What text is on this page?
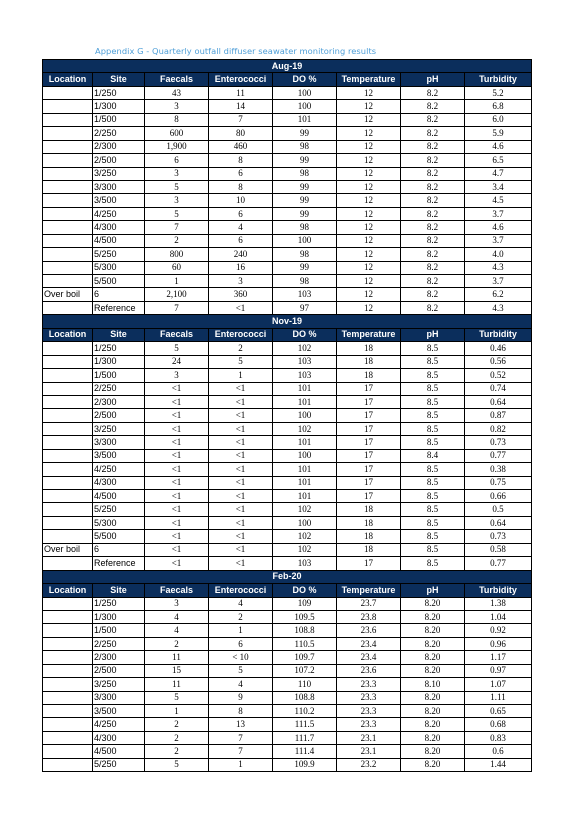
Appendix G - Quarterly outfall diffuser seawater monitoring results
Aug-19							
Location	Site	Faecals	Enterococci	DO %	Temperature	pH	Turbidity
	1/250	43	11	100	12	8.2	5.2
	1/300	3	14	100	12	8.2	6.8
	1/500	8	7	101	12	8.2	6.0
	2/250	600	80	99	12	8.2	5.9
	2/300	1,900	460	98	12	8.2	4.6
	2/500	6	8	99	12	8.2	6.5
	3/250	3	6	98	12	8.2	4.7
	3/300	5	8	99	12	8.2	3.4
	3/500	3	10	99	12	8.2	4.5
	4/250	5	6	99	12	8.2	3.7
	4/300	7	4	98	12	8.2	4.6
	4/500	2	6	100	12	8.2	3.7
	5/250	800	240	98	12	8.2	4.0
	5/300	60	16	99	12	8.2	4.3
	5/500	1	3	98	12	8.2	3.7
Over boil	6	2,100	360	103	12	8.2	6.2
	Reference	7	<1	97	12	8.2	4.3
Nov-19							
Location	Site	Faecals	Enterococci	DO %	Temperature	pH	Turbidity
	1/250	5	2	102	18	8.5	0.46
	1/300	24	5	103	18	8.5	0.56
	1/500	3	1	103	18	8.5	0.52
	2/250	<1	<1	101	17	8.5	0.74
	2/300	<1	<1	101	17	8.5	0.64
	2/500	<1	<1	100	17	8.5	0.87
	3/250	<1	<1	102	17	8.5	0.82
	3/300	<1	<1	101	17	8.5	0.73
	3/500	<1	<1	100	17	8.4	0.77
	4/250	<1	<1	101	17	8.5	0.38
	4/300	<1	<1	101	17	8.5	0.75
	4/500	<1	<1	101	17	8.5	0.66
	5/250	<1	<1	102	18	8.5	0.5
	5/300	<1	<1	100	18	8.5	0.64
	5/500	<1	<1	102	18	8.5	0.73
Over boil	6	<1	<1	102	18	8.5	0.58
	Reference	<1	<1	103	17	8.5	0.77
Feb-20							
Location	Site	Faecals	Enterococci	DO %	Temperature	pH	Turbidity
	1/250	3	4	109	23.7	8.20	1.38
	1/300	4	2	109.5	23.8	8.20	1.04
	1/500	4	1	108.8	23.6	8.20	0.92
	2/250	2	6	110.5	23.4	8.20	0.96
	2/300	11	< 10	109.7	23.4	8.20	1.17
	2/500	15	5	107.2	23.6	8.20	0.97
	3/250	11	4	110	23.3	8.10	1.07
	3/300	5	9	108.8	23.3	8.20	1.11
	3/500	1	8	110.2	23.3	8.20	0.65
	4/250	2	13	111.5	23.3	8.20	0.68
	4/300	2	7	111.7	23.1	8.20	0.83
	4/500	2	7	111.4	23.1	8.20	0.6
	5/250	5	1	109.9	23.2	8.20	1.44
